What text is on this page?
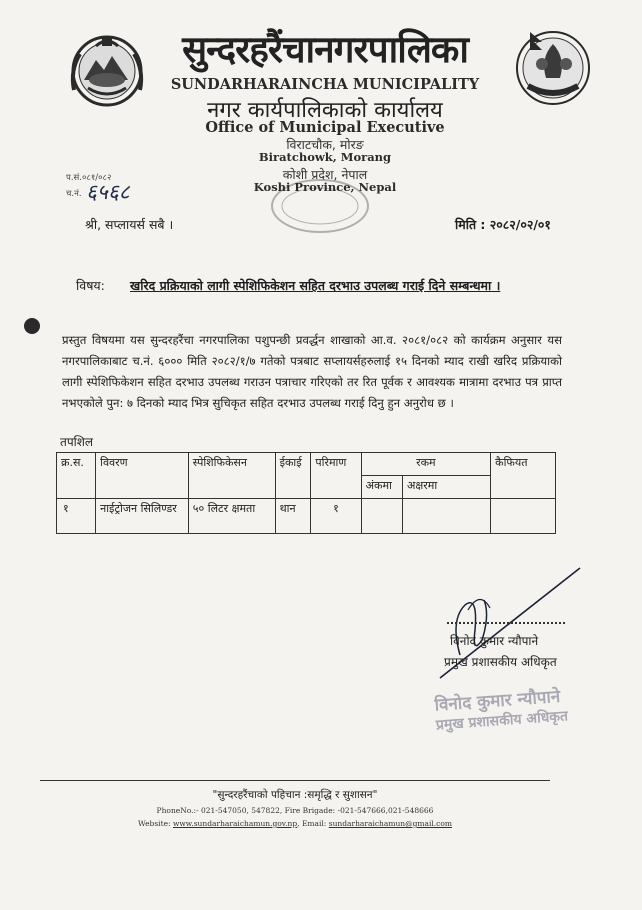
सुन्दरहरैंचानगरपालिका
SUNDARHARAINCHA MUNICIPALITY
नगर कार्यपालिकाको कार्यालय
Office of Municipal Executive
विराटचौक, मोरङ
Biratchowk, Morang
कोशी प्रदेश, नेपाल
Koshi Province, Nepal
प.सं.०८१/०८२
च.नं. ६५६८
श्री, सप्लायर्स सबै ।	मिति : २०८२/०२/०१
विषय: खरिद प्रक्रियाको लागी स्पेशिफिकेशन सहित दरभाउ उपलब्ध गराई दिने सम्बन्धमा ।
प्रस्तुत विषयमा यस सुन्दरहरैंचा नगरपालिका पशुपन्छी प्रवर्द्धन शाखाको आ.व. २०८१/०८२ को कार्यक्रम अनुसार यस नगरपालिकाबाट च.नं. ६००० मिति २०८२/१/७ गतेको पत्रबाट सप्लायर्सहरुलाई १५ दिनको म्याद राखी खरिद प्रक्रियाको लागी स्पेशिफिकेशन सहित दरभाउ उपलब्ध गराउन पत्राचार गरिएको तर रित पूर्वक र आवश्यक मात्रामा दरभाउ पत्र प्राप्त नभएकोले पुन: ७ दिनको म्याद भित्र सुचिकृत सहित दरभाउ उपलब्ध गराई दिनु हुन अनुरोध छ ।
तपशिल
क्र.स.	विवरण	स्पेशिफिकेसन	ईकाई	परिमाण	रकम		कैफियत
					अंकमा	अक्षरमा	
१	नाईट्रोजन सिलिण्डर	५० लिटर क्षमता	थान	१			
विनोद कुमार न्यौपाने
प्रमुख प्रशासकीय अधिकृत
विनोद कुमार न्यौपाने
प्रमुख प्रशासकीय अधिकृत
"सुन्दरहरैंचाको पहिचान :समृद्धि र सुशासन"
PhoneNo.:- 021-547050, 547822, Fire Brigade: -021-547666,021-548666
Website: www.sundarharaichamun.gov.np, Email: sundarharaichamun@gmail.com
